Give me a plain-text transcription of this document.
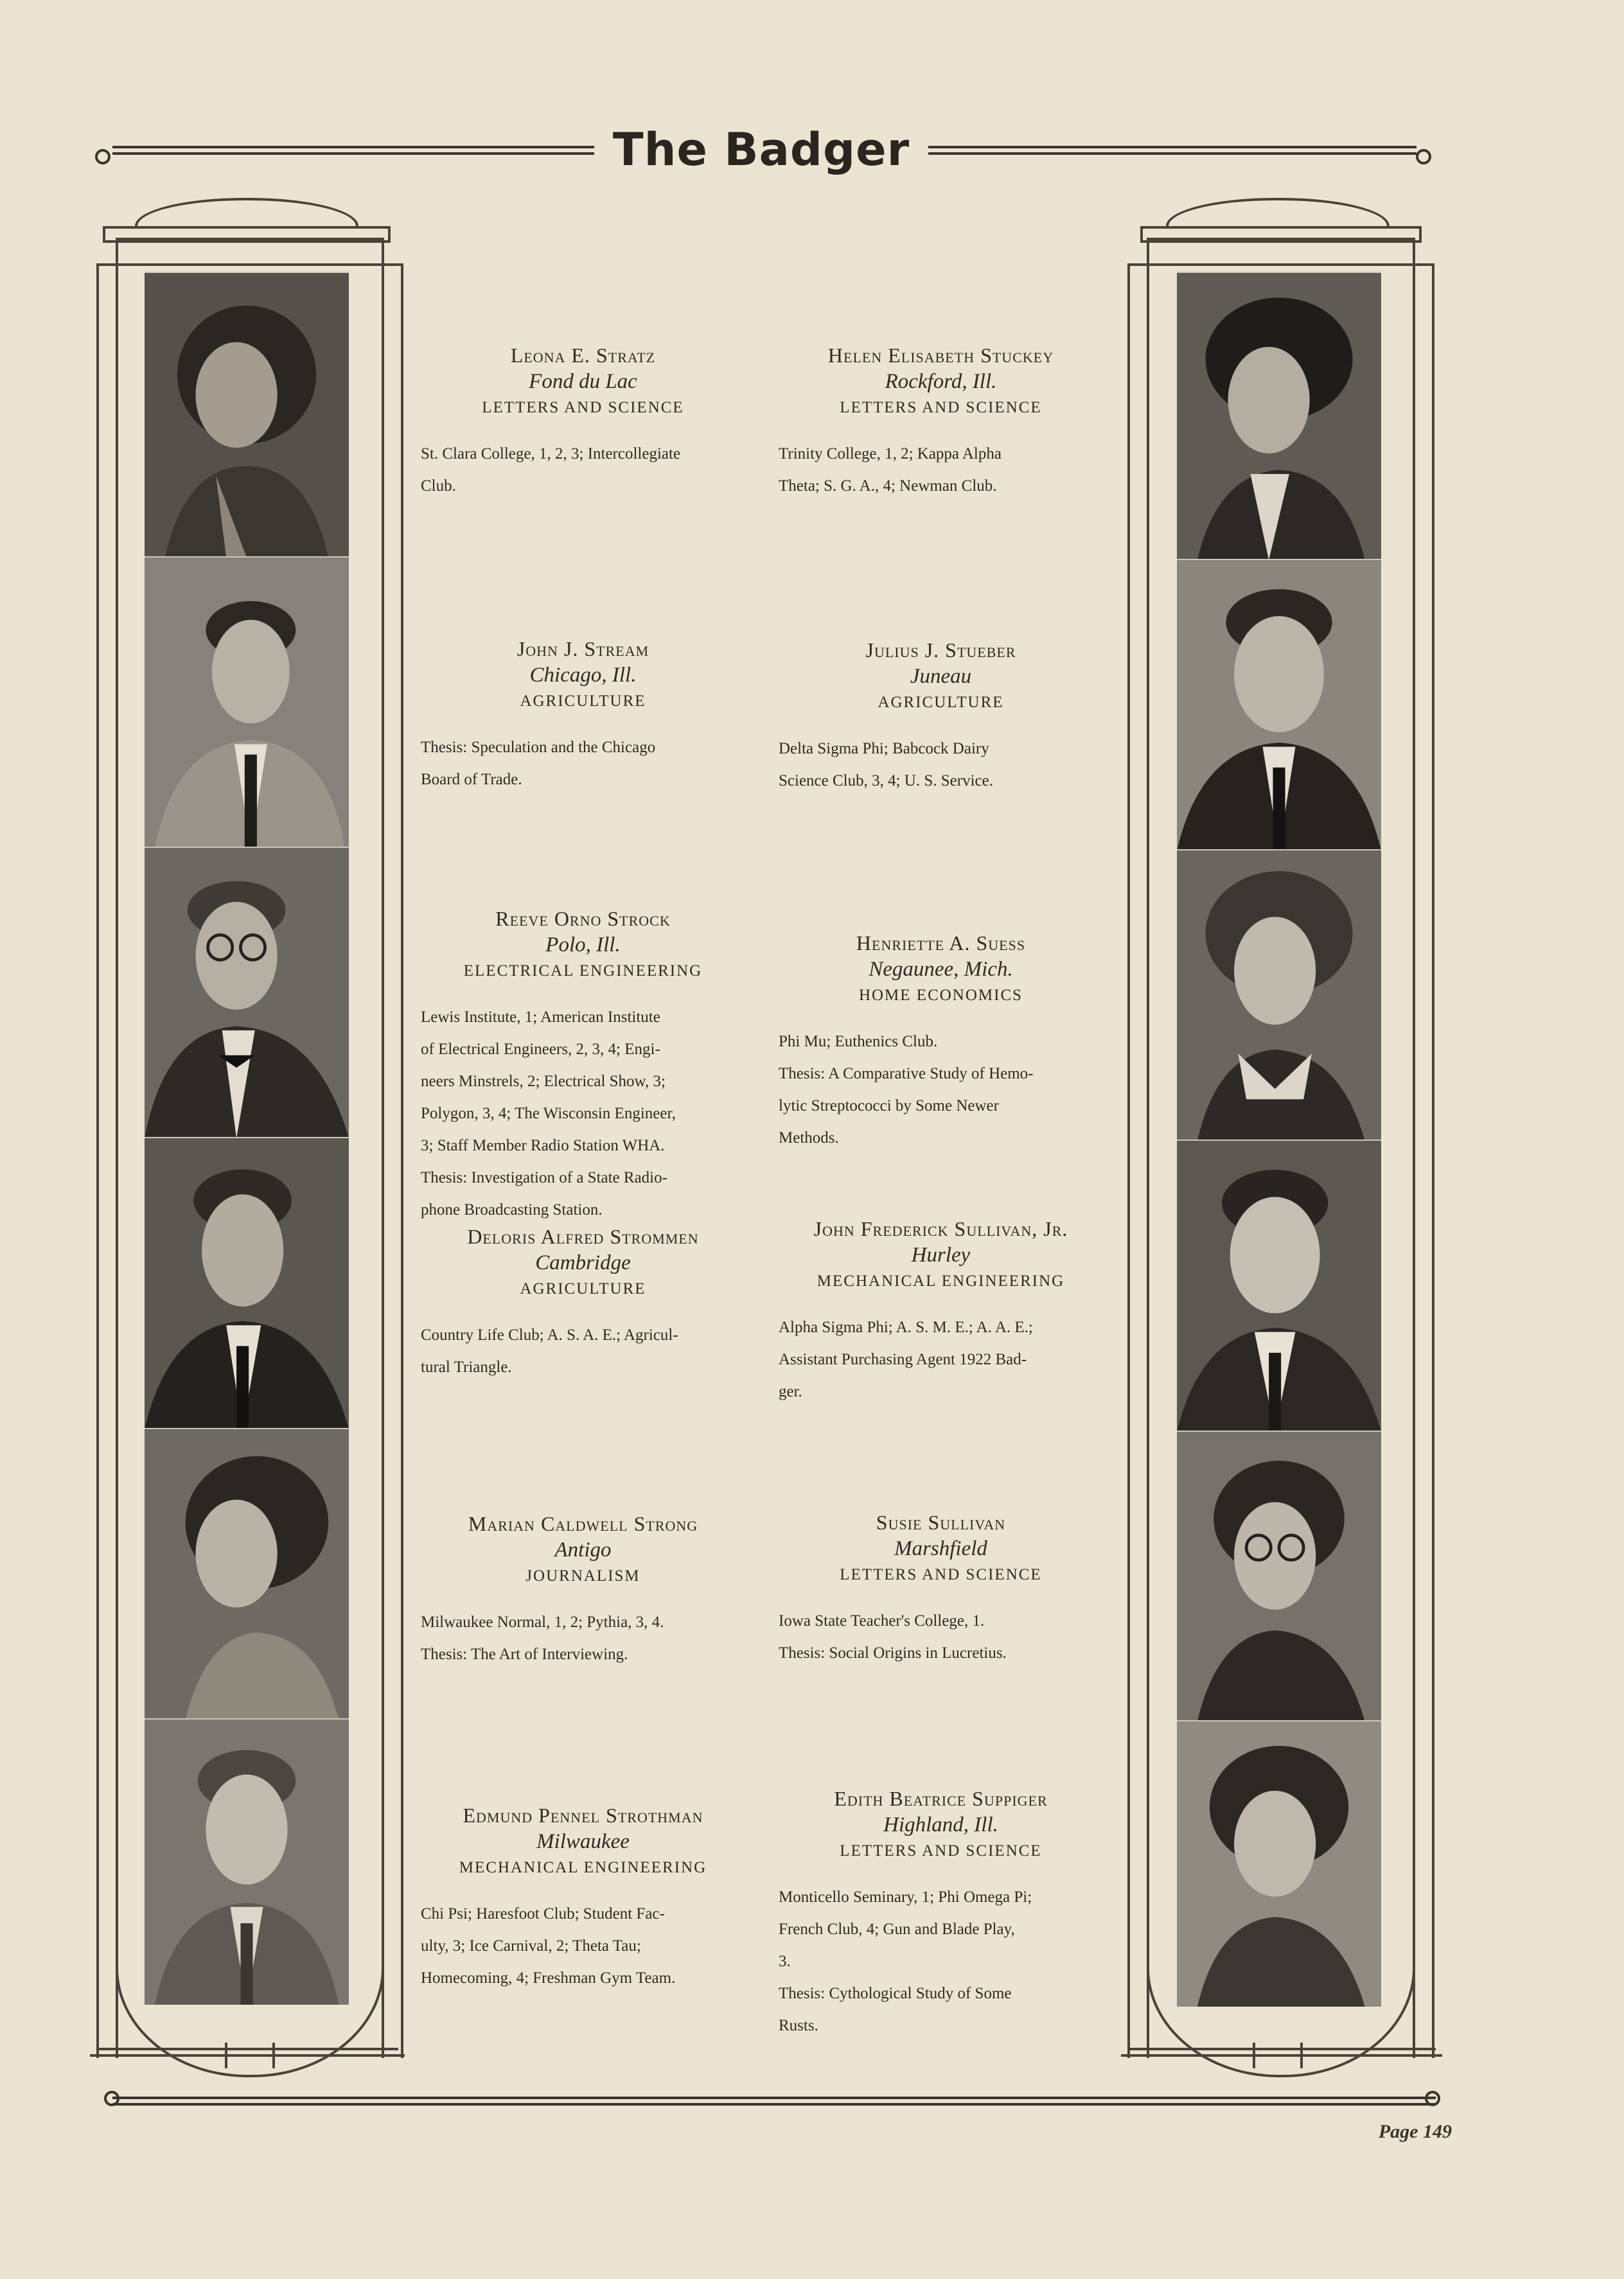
The Badger
Leona E. Stratz
Fond du Lac
LETTERS AND SCIENCE

St. Clara College, 1, 2, 3; Intercollegiate

Club.

John J. Stream
Chicago, Ill.
AGRICULTURE

Thesis: Speculation and the Chicago

Board of Trade.

Reeve Orno Strock
Polo, Ill.
ELECTRICAL ENGINEERING

Lewis Institute, 1; American Institute

of Electrical Engineers, 2, 3, 4; Engi-

neers Minstrels, 2; Electrical Show, 3;

Polygon, 3, 4; The Wisconsin Engineer,

3; Staff Member Radio Station WHA.

Thesis: Investigation of a State Radio-

phone Broadcasting Station.

Deloris Alfred Strommen
Cambridge
AGRICULTURE

Country Life Club; A. S. A. E.; Agricul-

tural Triangle.

Marian Caldwell Strong
Antigo
JOURNALISM

Milwaukee Normal, 1, 2; Pythia, 3, 4.

Thesis: The Art of Interviewing.

Edmund Pennel Strothman
Milwaukee
MECHANICAL ENGINEERING

Chi Psi; Haresfoot Club; Student Fac-

ulty, 3; Ice Carnival, 2; Theta Tau;

Homecoming, 4; Freshman Gym Team.

Helen Elisabeth Stuckey
Rockford, Ill.
LETTERS AND SCIENCE

Trinity College, 1, 2; Kappa Alpha

Theta; S. G. A., 4; Newman Club.

Julius J. Stueber
Juneau
AGRICULTURE

Delta Sigma Phi; Babcock Dairy

Science Club, 3, 4; U. S. Service.

Henriette A. Suess
Negaunee, Mich.
HOME ECONOMICS

Phi Mu; Euthenics Club.

Thesis: A Comparative Study of Hemo-

lytic Streptococci by Some Newer

Methods.

John Frederick Sullivan, Jr.
Hurley
MECHANICAL ENGINEERING

Alpha Sigma Phi; A. S. M. E.; A. A. E.;

Assistant Purchasing Agent 1922 Bad-

ger.

Susie Sullivan
Marshfield
LETTERS AND SCIENCE

Iowa State Teacher's College, 1.

Thesis: Social Origins in Lucretius.

Edith Beatrice Suppiger
Highland, Ill.
LETTERS AND SCIENCE

Monticello Seminary, 1; Phi Omega Pi;

French Club, 4; Gun and Blade Play,

3.

Thesis: Cythological Study of Some

Rusts.

Page 149
